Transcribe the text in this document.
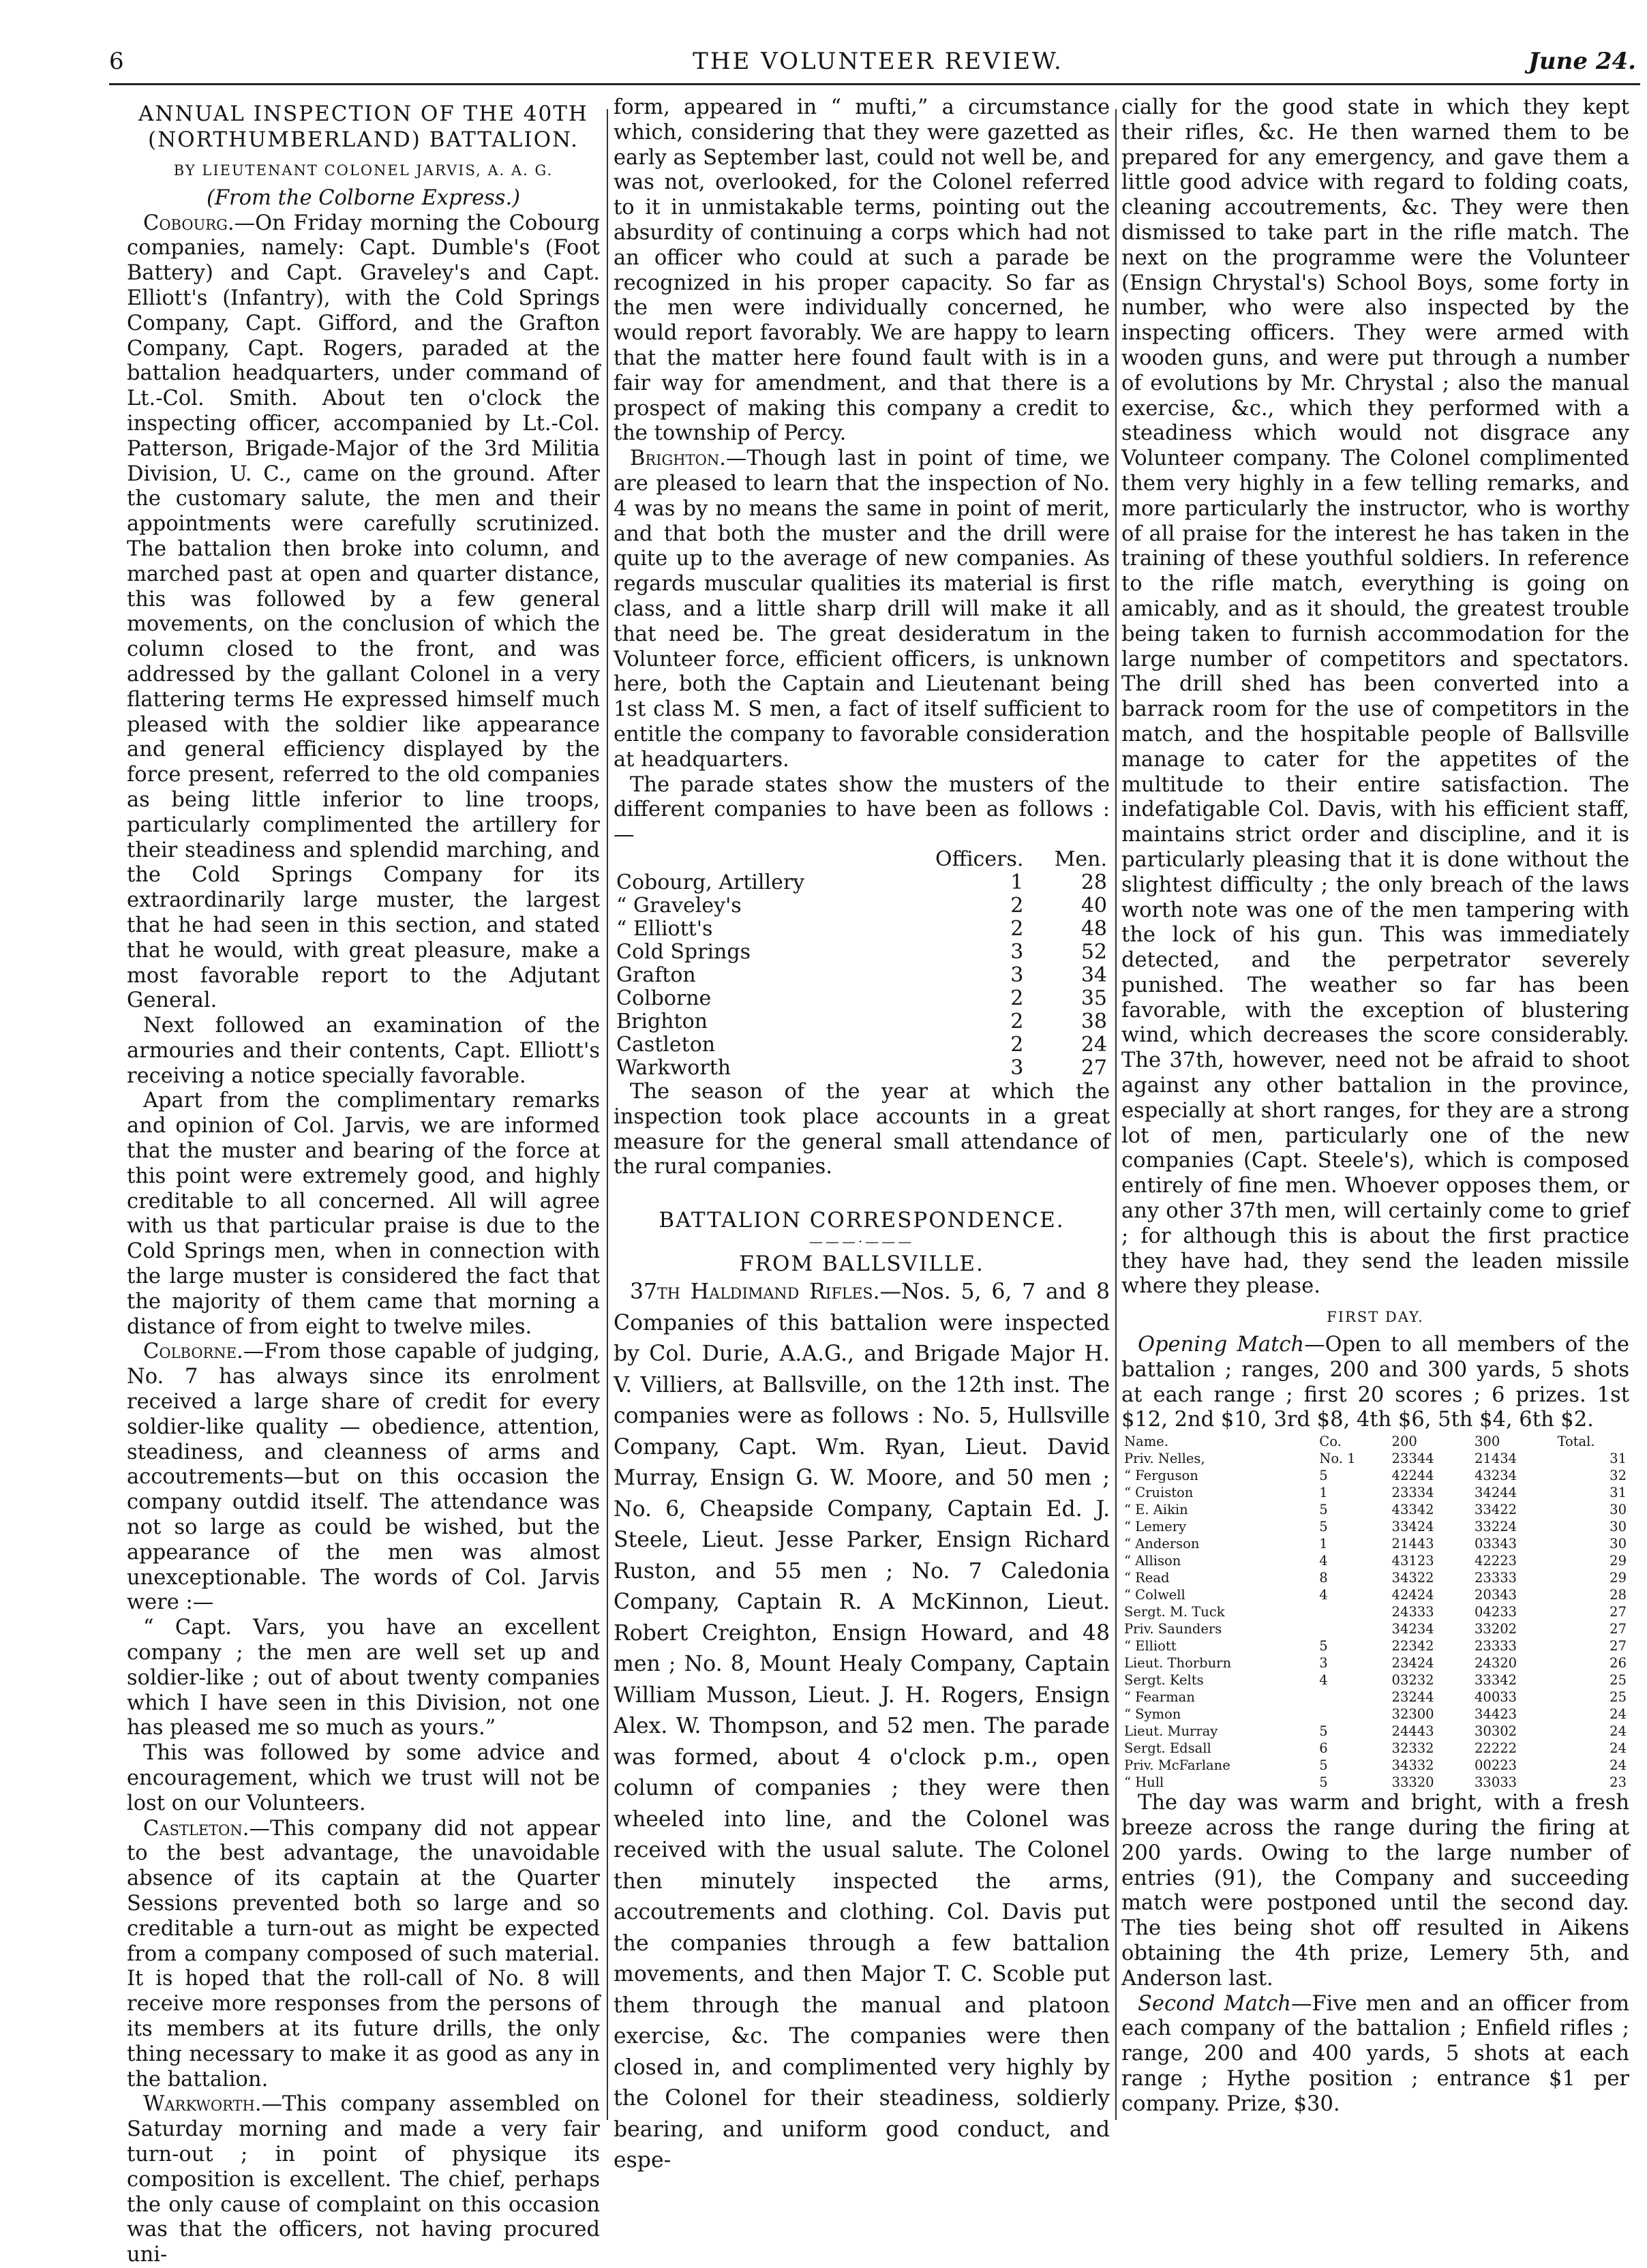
6	THE VOLUNTEER REVIEW.	June 24.
ANNUAL INSPECTION OF THE 40TH
(NORTHUMBERLAND) BATTALION.
BY LIEUTENANT COLONEL JARVIS, A. A. G.
(From the Colborne Express.)

Cobourg.—On Friday morning the Cobourg companies, namely: Capt. Dumble's (Foot Battery) and Capt. Graveley's and Capt. Elliott's (Infantry), with the Cold Springs Company, Capt. Gifford, and the Grafton Company, Capt. Rogers, paraded at the battalion headquarters, under command of Lt.-Col. Smith. About ten o'clock the inspecting officer, accompanied by Lt.-Col. Patterson, Brigade-Major of the 3rd Militia Division, U. C., came on the ground. After the customary salute, the men and their appointments were carefully scrutinized. The battalion then broke into column, and marched past at open and quarter distance, this was followed by a few general movements, on the conclusion of which the column closed to the front, and was addressed by the gallant Colonel in a very flattering terms He expressed himself much pleased with the soldier like appearance and general efficiency displayed by the force present, referred to the old companies as being little inferior to line troops, particularly complimented the artillery for their steadiness and splendid marching, and the Cold Springs Company for its extraordinarily large muster, the largest that he had seen in this section, and stated that he would, with great pleasure, make a most favorable report to the Adjutant General.

Next followed an examination of the armouries and their contents, Capt. Elliott's receiving a notice specially favorable.

Apart from the complimentary remarks and opinion of Col. Jarvis, we are informed that the muster and bearing of the force at this point were extremely good, and highly creditable to all concerned. All will agree with us that particular praise is due to the Cold Springs men, when in connection with the large muster is considered the fact that the majority of them came that morning a distance of from eight to twelve miles.

Colborne.—From those capable of judging, No. 7 has always since its enrolment received a large share of credit for every soldier-like quality — obedience, attention, steadiness, and cleanness of arms and accoutrements—but on this occasion the company outdid itself. The attendance was not so large as could be wished, but the appearance of the men was almost unexceptionable. The words of Col. Jarvis were :—

“ Capt. Vars, you have an excellent company ; the men are well set up and soldier-like ; out of about twenty companies which I have seen in this Division, not one has pleased me so much as yours.”

This was followed by some advice and encouragement, which we trust will not be lost on our Volunteers.

Castleton.—This company did not appear to the best advantage, the unavoidable absence of its captain at the Quarter Sessions prevented both so large and so creditable a turn-out as might be expected from a company composed of such material. It is hoped that the roll-call of No. 8 will receive more responses from the persons of its members at its future drills, the only thing necessary to make it as good as any in the battalion.

Warkworth.—This company assembled on Saturday morning and made a very fair turn-out ; in point of physique its composition is excellent. The chief, perhaps the only cause of complaint on this occasion was that the officers, not having procured uni-

form, appeared in “ mufti,” a circumstance which, considering that they were gazetted as early as September last, could not well be, and was not, overlooked, for the Colonel referred to it in unmistakable terms, pointing out the absurdity of continuing a corps which had not an officer who could at such a parade be recognized in his proper capacity. So far as the men were individually concerned, he would report favorably. We are happy to learn that the matter here found fault with is in a fair way for amendment, and that there is a prospect of making this company a credit to the township of Percy.

Brighton.—Though last in point of time, we are pleased to learn that the inspection of No. 4 was by no means the same in point of merit, and that both the muster and the drill were quite up to the average of new companies. As regards muscular qualities its material is first class, and a little sharp drill will make it all that need be. The great desideratum in the Volunteer force, efficient officers, is unknown here, both the Captain and Lieutenant being 1st class M. S men, a fact of itself sufficient to entitle the company to favorable consideration at headquarters.

The parade states show the musters of the different companies to have been as follows :—

	Officers.	Men.
Cobourg, Artillery	1	28
“ Graveley's	2	40
“ Elliott's	2	48
Cold Springs	3	52
Grafton	3	34
Colborne	2	35
Brighton	2	38
Castleton	2	24
Warkworth	3	27

The season of the year at which the inspection took place accounts in a great measure for the general small attendance of the rural companies.

BATTALION CORRESPONDENCE.
———·———
FROM BALLSVILLE.

37th Haldimand Rifles.—Nos. 5, 6, 7 and 8 Companies of this battalion were inspected by Col. Durie, A.A.G., and Brigade Major H. V. Villiers, at Ballsville, on the 12th inst. The companies were as follows : No. 5, Hullsville Company, Capt. Wm. Ryan, Lieut. David Murray, Ensign G. W. Moore, and 50 men ; No. 6, Cheapside Company, Captain Ed. J. Steele, Lieut. Jesse Parker, Ensign Richard Ruston, and 55 men ; No. 7 Caledonia Company, Captain R. A McKinnon, Lieut. Robert Creighton, Ensign Howard, and 48 men ; No. 8, Mount Healy Company, Captain William Musson, Lieut. J. H. Rogers, Ensign Alex. W. Thompson, and 52 men. The parade was formed, about 4 o'clock p.m., open column of companies ; they were then wheeled into line, and the Colonel was received with the usual salute. The Colonel then minutely inspected the arms, accoutrements and clothing. Col. Davis put the companies through a few battalion movements, and then Major T. C. Scoble put them through the manual and platoon exercise, &c. The companies were then closed in, and complimented very highly by the Colonel for their steadiness, soldierly bearing, and uniform good conduct, and espe-

cially for the good state in which they kept their rifles, &c. He then warned them to be prepared for any emergency, and gave them a little good advice with regard to folding coats, cleaning accoutrements, &c. They were then dismissed to take part in the rifle match. The next on the programme were the Volunteer (Ensign Chrystal's) School Boys, some forty in number, who were also inspected by the inspecting officers. They were armed with wooden guns, and were put through a number of evolutions by Mr. Chrystal ; also the manual exercise, &c., which they performed with a steadiness which would not disgrace any Volunteer company. The Colonel complimented them very highly in a few telling remarks, and more particularly the instructor, who is worthy of all praise for the interest he has taken in the training of these youthful soldiers. In reference to the rifle match, everything is going on amicably, and as it should, the greatest trouble being taken to furnish accommodation for the large number of competitors and spectators. The drill shed has been converted into a barrack room for the use of competitors in the match, and the hospitable people of Ballsville manage to cater for the appetites of the multitude to their entire satisfaction. The indefatigable Col. Davis, with his efficient staff, maintains strict order and discipline, and it is particularly pleasing that it is done without the slightest difficulty ; the only breach of the laws worth note was one of the men tampering with the lock of his gun. This was immediately detected, and the perpetrator severely punished. The weather so far has been favorable, with the exception of blustering wind, which decreases the score considerably. The 37th, however, need not be afraid to shoot against any other battalion in the province, especially at short ranges, for they are a strong lot of men, particularly one of the new companies (Capt. Steele's), which is composed entirely of fine men. Whoever opposes them, or any other 37th men, will certainly come to grief ; for although this is about the first practice they have had, they send the leaden missile where they please.

FIRST DAY.

Opening Match—Open to all members of the battalion ; ranges, 200 and 300 yards, 5 shots at each range ; first 20 scores ; 6 prizes. 1st $12, 2nd $10, 3rd $8, 4th $6, 5th $4, 6th $2.

Name.	Co.	200	300	Total.
Priv. Nelles,	No. 1	23344	21434	31
“ Ferguson	5	42244	43234	32
“ Cruiston	1	23334	34244	31
“ E. Aikin	5	43342	33422	30
“ Lemery	5	33424	33224	30
“ Anderson	1	21443	03343	30
“ Allison	4	43123	42223	29
“ Read	8	34322	23333	29
“ Colwell	4	42424	20343	28
Sergt. M. Tuck		24333	04233	27
Priv. Saunders		34234	33202	27
“ Elliott	5	22342	23333	27
Lieut. Thorburn	3	23424	24320	26
Sergt. Kelts	4	03232	33342	25
“ Fearman		23244	40033	25
“ Symon		32300	34423	24
Lieut. Murray	5	24443	30302	24
Sergt. Edsall	6	32332	22222	24
Priv. McFarlane	5	34332	00223	24
“ Hull	5	33320	33033	23

The day was warm and bright, with a fresh breeze across the range during the firing at 200 yards. Owing to the large number of entries (91), the Company and succeeding match were postponed until the second day. The ties being shot off resulted in Aikens obtaining the 4th prize, Lemery 5th, and Anderson last.

Second Match—Five men and an officer from each company of the battalion ; Enfield rifles ; range, 200 and 400 yards, 5 shots at each range ; Hythe position ; entrance $1 per company. Prize, $30.
